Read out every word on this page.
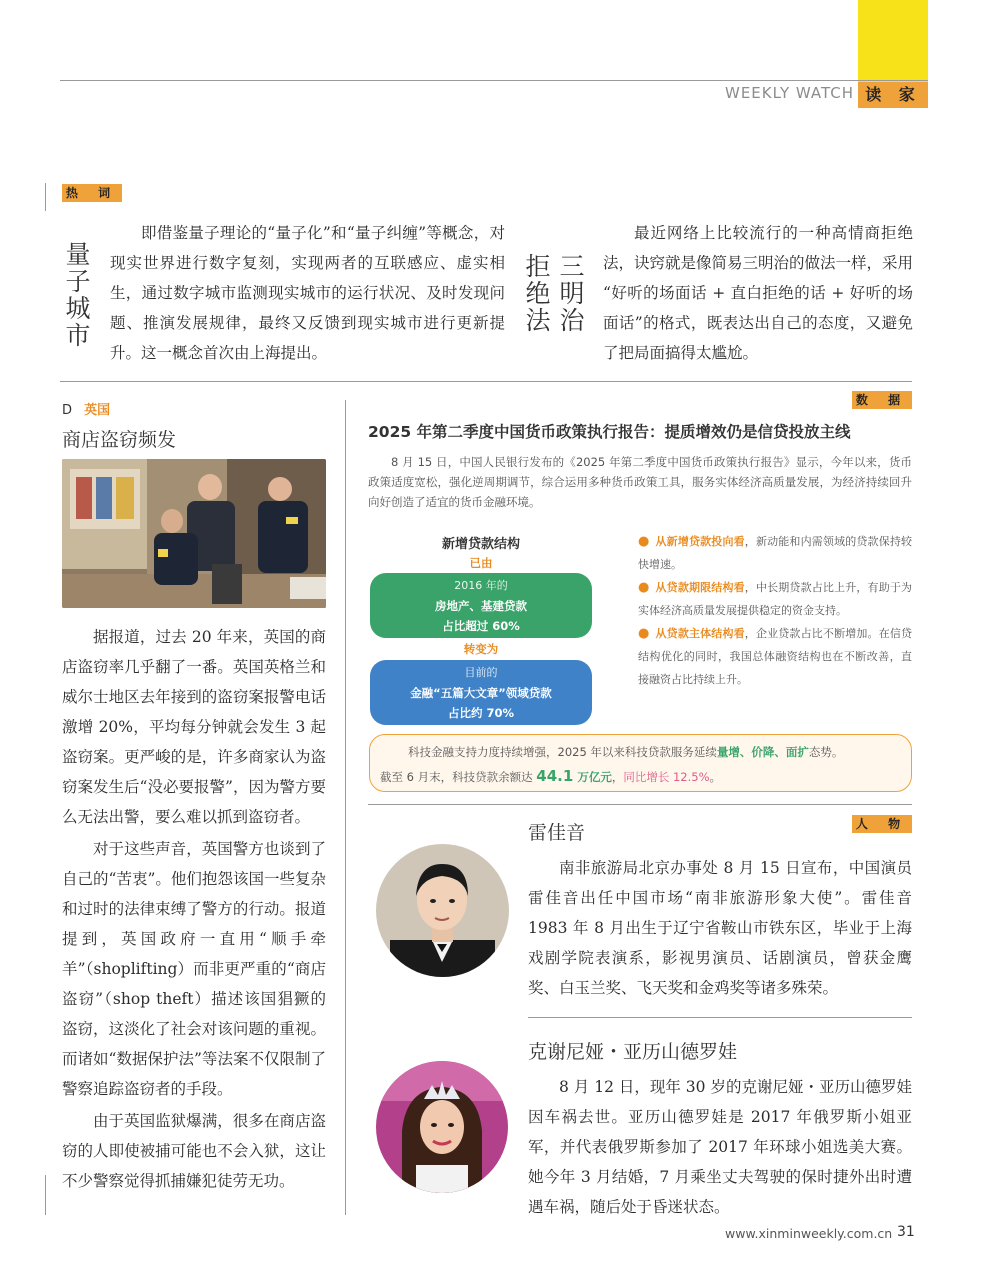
WEEKLY WATCH 读 家
热 词
量
子
城
市
即借鉴量子理论的“量子化”和“量子纠缠”等概念，对现实世界进行数字复刻，实现两者的互联感应、虚实相生，通过数字城市监测现实城市的运行状况、及时发现问题、推演发展规律，最终又反馈到现实城市进行更新提升。这一概念首次由上海提出。
三
明
治
拒
绝
法
最近网络上比较流行的一种高情商拒绝法，诀窍就是像简易三明治的做法一样，采用 “好听的场面话 + 直白拒绝的话 + 好听的场面话”的格式，既表达出自己的态度，又避免了把局面搞得太尴尬。
D 英国
商店盗窃频发

据报道，过去 20 年来，英国的商店盗窃率几乎翻了一番。英国英格兰和威尔士地区去年接到的盗窃案报警电话激增 20%，平均每分钟就会发生 3 起盗窃案。更严峻的是，许多商家认为盗窃案发生后“没必要报警”，因为警方要么无法出警，要么难以抓到盗窃者。

对于这些声音，英国警方也谈到了自己的“苦衷”。他们抱怨该国一些复杂和过时的法律束缚了警方的行动。报道提到，英国政府一直用“顺手牵羊”（shoplifting）而非更严重的“商店盗窃”（shop theft）描述该国猖獗的盗窃，这淡化了社会对该问题的重视。而诸如“数据保护法”等法案不仅限制了警察追踪盗窃者的手段。

由于英国监狱爆满，很多在商店盗窃的人即使被捕可能也不会入狱，这让不少警察觉得抓捕嫌犯徒劳无功。

数 据
2025 年第二季度中国货币政策执行报告：提质增效仍是信贷投放主线
8 月 15 日，中国人民银行发布的《2025 年第二季度中国货币政策执行报告》显示，今年以来，货币政策适度宽松，强化逆周期调节，综合运用多种货币政策工具，服务实体经济高质量发展，为经济持续回升向好创造了适宜的货币金融环境。
新增贷款结构
已由
2016 年的
房地产、基建贷款
占比超过 60%
转变为
目前的
金融“五篇大文章”领域贷款
占比约 70%
● 从新增贷款投向看，新动能和内需领域的贷款保持较快增速。
● 从贷款期限结构看，中长期贷款占比上升，有助于为实体经济高质量发展提供稳定的资金支持。
● 从贷款主体结构看，企业贷款占比不断增加。在信贷结构优化的同时，我国总体融资结构也在不断改善，直接融资占比持续上升。
科技金融支持力度持续增强，2025 年以来科技贷款服务延续量增、价降、面扩态势。
截至 6 月末，科技贷款余额达 44.1 万亿元，同比增长 12.5%。
人 物
雷佳音
南非旅游局北京办事处 8 月 15 日宣布，中国演员雷佳音出任中国市场“南非旅游形象大使”。雷佳音 1983 年 8 月出生于辽宁省鞍山市铁东区，毕业于上海戏剧学院表演系，影视男演员、话剧演员，曾获金鹰奖、白玉兰奖、飞天奖和金鸡奖等诸多殊荣。
克谢尼娅・亚历山德罗娃
8 月 12 日，现年 30 岁的克谢尼娅・亚历山德罗娃因车祸去世。亚历山德罗娃是 2017 年俄罗斯小姐亚军，并代表俄罗斯参加了 2017 年环球小姐选美大赛。她今年 3 月结婚，7 月乘坐丈夫驾驶的保时捷外出时遭遇车祸，随后处于昏迷状态。
www.xinminweekly.com.cn 31
